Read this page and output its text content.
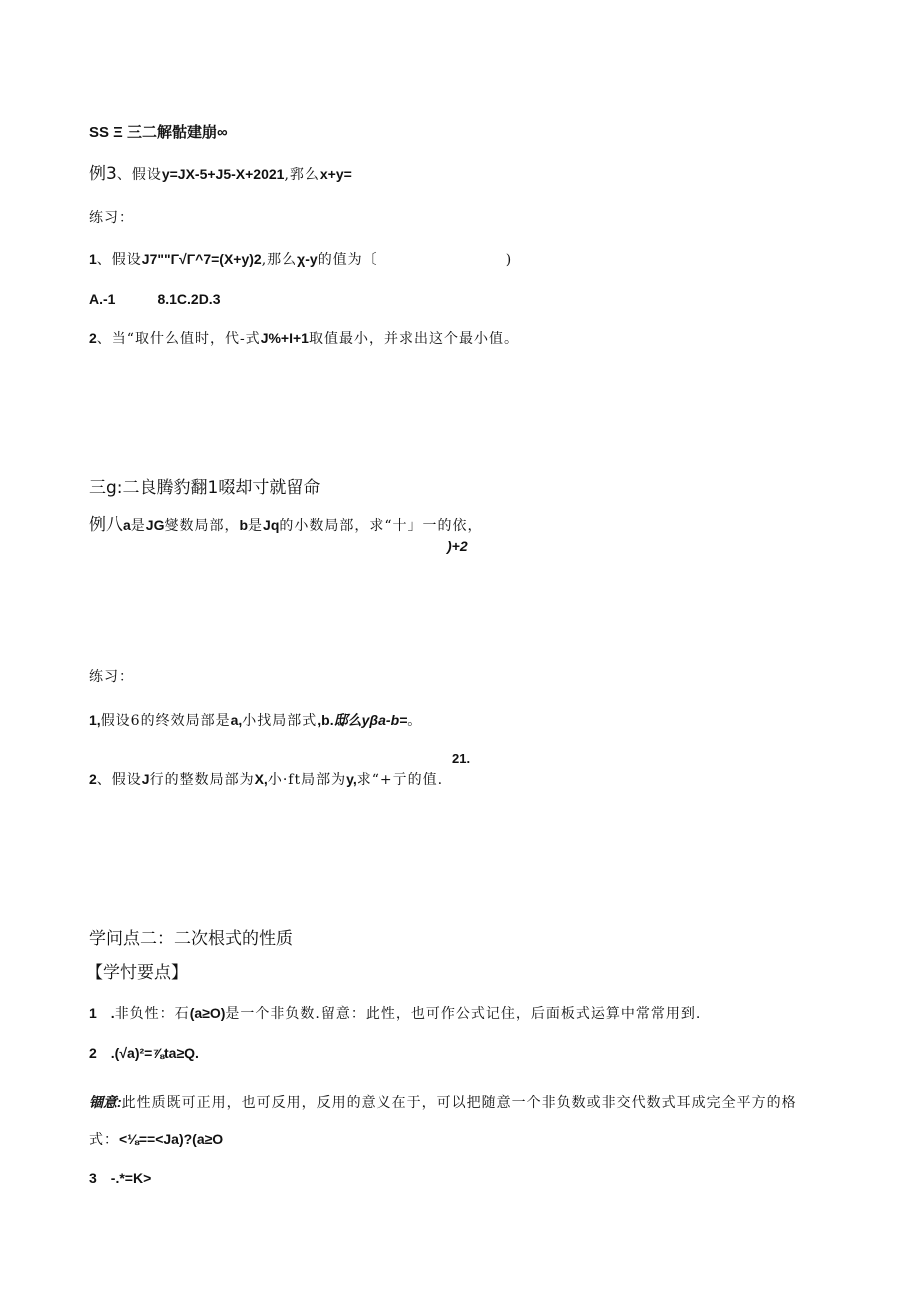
SS Ξ 三二解骷建崩∞
例3、假设y=JX-5+J5-X+2021,郛么x+y=
练习：
1、假设J7""Γ√Γ^7=(X+y)2,那么χ-y的值为〔	)
A.-1	8.1C.2D.3
2、当“取什么值时，代-式J%+I+1取值最小，并求出这个最小值。
三g:二良腾豹翻1啜却寸就留命
例八a是JG燮数局部，b是Jq的小数局部，求“十」一的依，
)+2
练习：
1,假设6的终效局部是a,小找局部式,b.邸么yβa-b=。
21.
2、假设J行的整数局部为X,小·ft局部为y,求“+亍的值.
学问点二：二次根式的性质
【学忖要点】
1 .非负性：石(a≥O)是一个非负数.留意：此性，也可作公式记住，后面板式运算中常常用到.
2 .(√a)²=⅞ta≥Q.
锢意:此性质既可正用，也可反用，反用的意义在于，可以把随意一个非负数或非交代数式耳成完全平方的格
式：<⅛==<Ja)?(a≥O
3 -.*=K>
